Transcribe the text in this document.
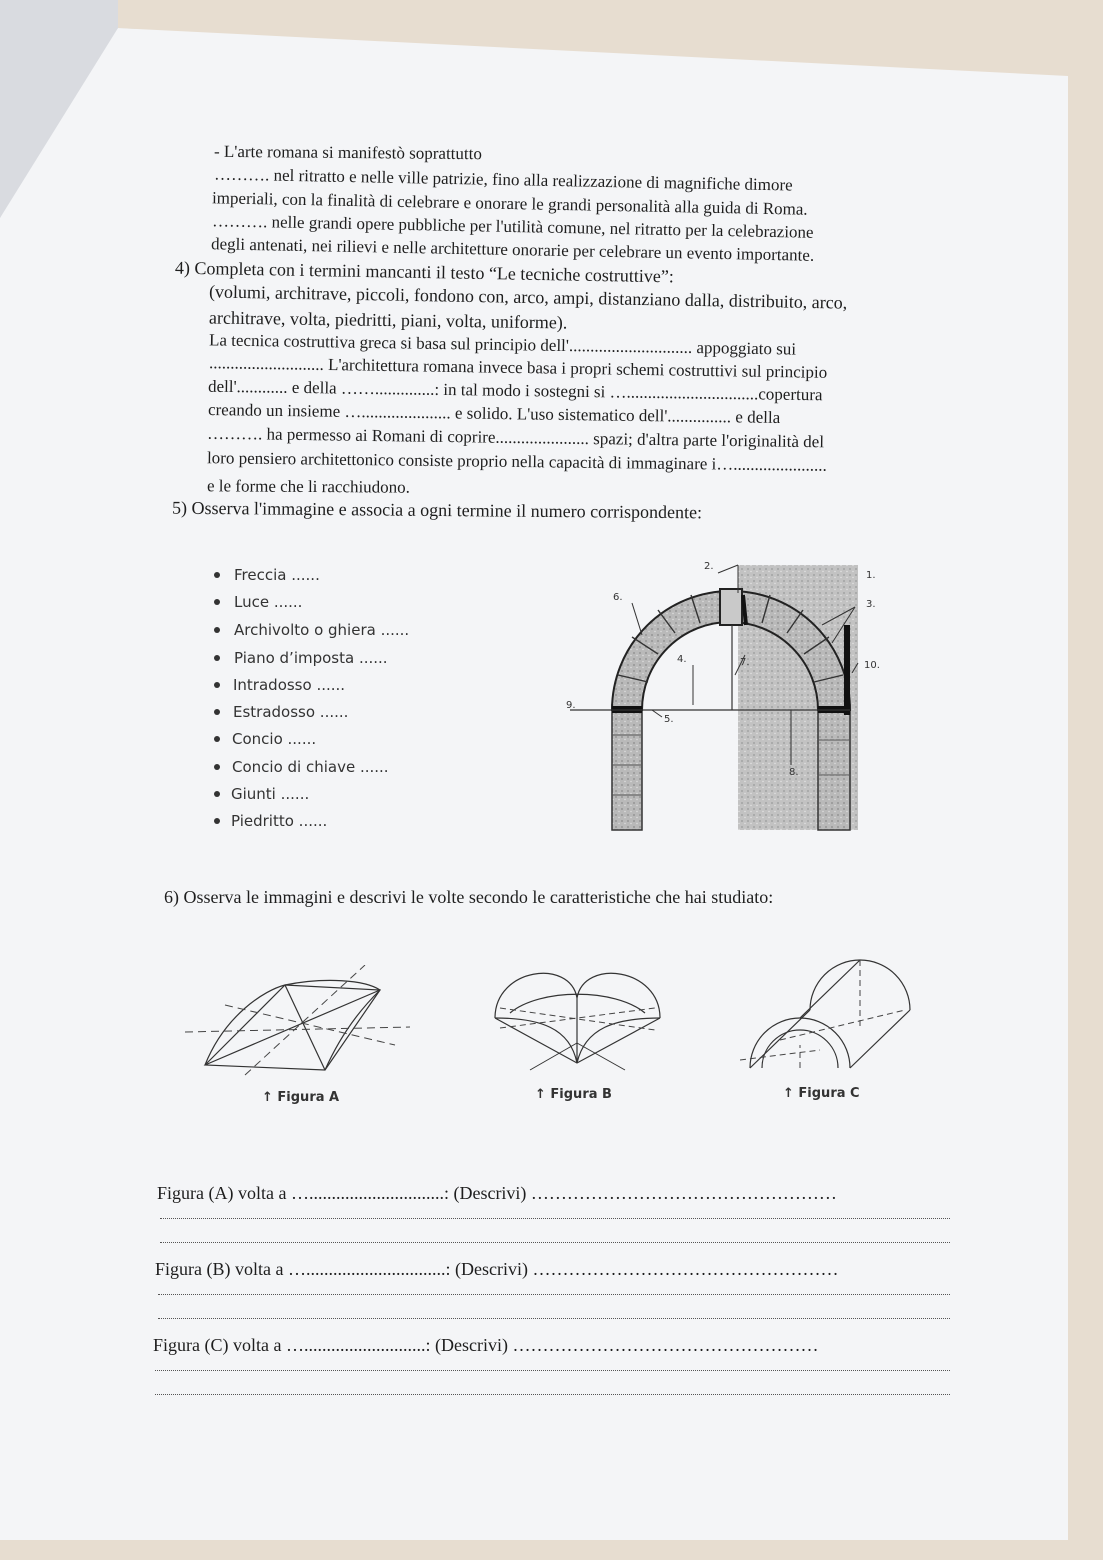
- L'arte romana si manifestò soprattutto
………. nel ritratto e nelle ville patrizie, fino alla realizzazione di magnifiche dimore
imperiali, con la finalità di celebrare e onorare le grandi personalità alla guida di Roma.
………. nelle grandi opere pubbliche per l'utilità comune, nel ritratto per la celebrazione
degli antenati, nei rilievi e nelle architetture onorarie per celebrare un evento importante.
4) Completa con i termini mancanti il testo “Le tecniche costruttive”:
(volumi, architrave, piccoli, fondono con, arco, ampi, distanziano dalla, distribuito, arco,
architrave, volta, piedritti, piani, volta, uniforme).
La tecnica costruttiva greca si basa sul principio dell'............................. appoggiato sui
........................... L'architettura romana invece basa i propri schemi costruttivi sul principio
dell'............ e della ……..............: in tal modo i sostegni si …...............................copertura
creando un insieme …..................... e solido. L'uso sistematico dell'............... e della
………. ha permesso ai Romani di coprire...................... spazi; d'altra parte l'originalità del
loro pensiero architettonico consiste proprio nella capacità di immaginare i…......................
e le forme che li racchiudono.
5) Osserva l'immagine e associa a ogni termine il numero corrispondente:
Freccia ......
Luce ......
Archivolto o ghiera ......
Piano d’imposta ......
Intradosso ......
Estradosso ......
Concio ......
Concio di chiave ......
Giunti ......
Piedritto ......
1.
2.
3.
4.
5.
6.
7.
8.
9.
10.
6) Osserva le immagini e descrivi le volte secondo le caratteristiche che hai studiato:
↑ Figura A	↑ Figura B	↑ Figura C
Figura (A) volta a …..............................: (Descrivi) ……………………………………………
Figura (B) volta a …...............................: (Descrivi) ……………………………………………
Figura (C) volta a …...........................: (Descrivi) ……………………………………………
